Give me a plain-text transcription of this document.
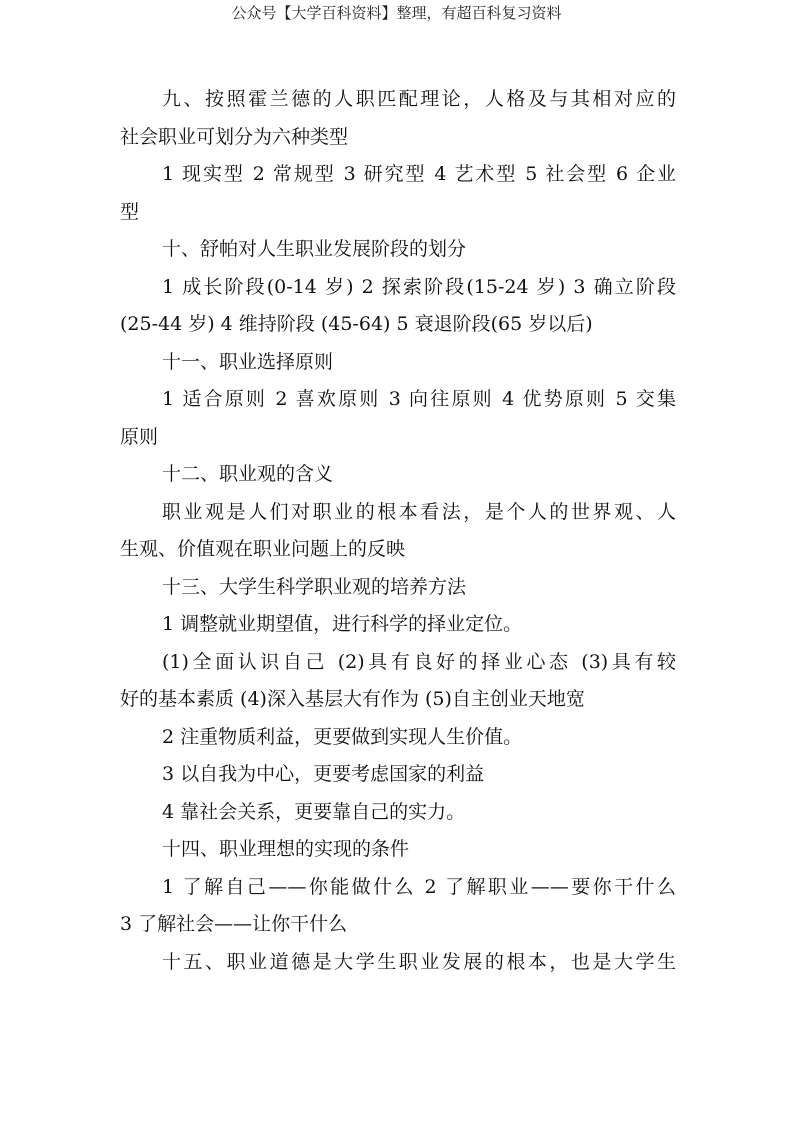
公众号【大学百科资料】整理，有超百科复习资料
九、按照霍兰德的人职匹配理论，人格及与其相对应的
社会职业可划分为六种类型
1 现实型 2 常规型 3 研究型 4 艺术型 5 社会型 6 企业
型
十、舒帕对人生职业发展阶段的划分
1 成长阶段(0-14 岁) 2 探索阶段(15-24 岁) 3 确立阶段
(25-44 岁) 4 维持阶段 (45-64) 5 衰退阶段(65 岁以后)
十一、职业选择原则
1 适合原则 2 喜欢原则 3 向往原则 4 优势原则 5 交集
原则
十二、职业观的含义
职业观是人们对职业的根本看法，是个人的世界观、人
生观、价值观在职业问题上的反映
十三、大学生科学职业观的培养方法
1 调整就业期望值，进行科学的择业定位。
(1)全面认识自己 (2)具有良好的择业心态 (3)具有较
好的基本素质 (4)深入基层大有作为 (5)自主创业天地宽
2 注重物质利益，更要做到实现人生价值。
3 以自我为中心，更要考虑国家的利益
4 靠社会关系，更要靠自己的实力。
十四、职业理想的实现的条件
1 了解自己——你能做什么 2 了解职业——要你干什么
3 了解社会——让你干什么
十五、职业道德是大学生职业发展的根本，也是大学生
